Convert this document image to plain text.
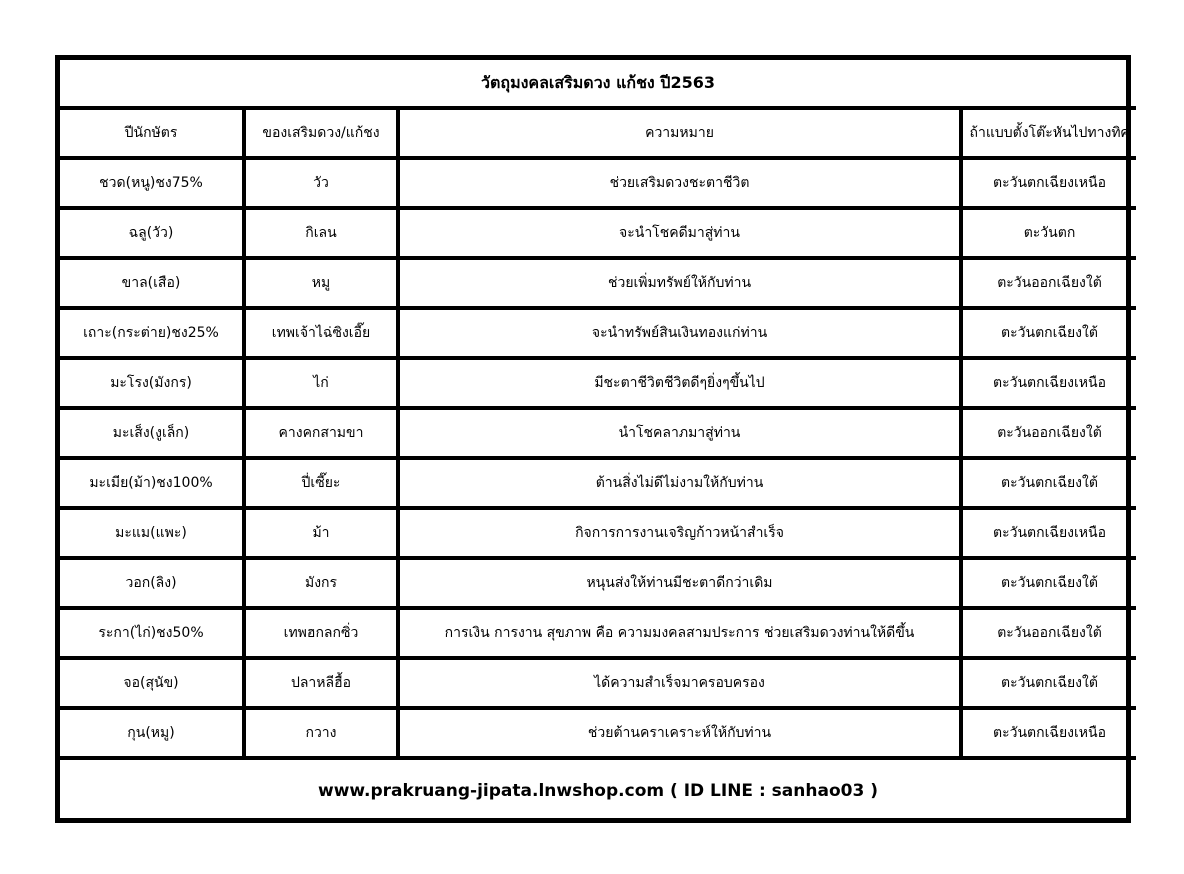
วัตถุมงคลเสริมดวง แก้ชง ปี2563			
ปีนักษัตร	ของเสริมดวง/แก้ชง	ความหมาย	ถ้าแบบตั้งโต๊ะหันไปทางทิศ
ชวด(หนู)ชง75%	วัว	ช่วยเสริมดวงชะตาชีวิต	ตะวันตกเฉียงเหนือ
ฉลู(วัว)	กิเลน	จะนำโชคดีมาสู่ท่าน	ตะวันตก
ขาล(เสือ)	หมู	ช่วยเพิ่มทรัพย์ให้กับท่าน	ตะวันออกเฉียงใต้
เถาะ(กระต่าย)ชง25%	เทพเจ้าไฉ่ซิงเอี๊ย	จะนำทรัพย์สินเงินทองแก่ท่าน	ตะวันตกเฉียงใต้
มะโรง(มังกร)	ไก่	มีชะตาชีวิตชีวิตดีๆยิ่งๆขึ้นไป	ตะวันตกเฉียงเหนือ
มะเส็ง(งูเล็ก)	คางคกสามขา	นำโชคลาภมาสู่ท่าน	ตะวันออกเฉียงใต้
มะเมีย(ม้า)ชง100%	ปี่เซี๊ยะ	ต้านสิ่งไม่ดีไม่งามให้กับท่าน	ตะวันตกเฉียงใต้
มะแม(แพะ)	ม้า	กิจการการงานเจริญก้าวหน้าสำเร็จ	ตะวันตกเฉียงเหนือ
วอก(ลิง)	มังกร	หนุนส่งให้ท่านมีชะตาดีกว่าเดิม	ตะวันตกเฉียงใต้
ระกา(ไก่)ชง50%	เทพฮกลกซิ่ว	การเงิน การงาน สุขภาพ คือ ความมงคลสามประการ ช่วยเสริมดวงท่านให้ดีขึ้น	ตะวันออกเฉียงใต้
จอ(สุนัข)	ปลาหลีฮื้อ	ได้ความสำเร็จมาครอบครอง	ตะวันตกเฉียงใต้
กุน(หมู)	กวาง	ช่วยต้านคราเคราะห์ให้กับท่าน	ตะวันตกเฉียงเหนือ
www.prakruang-jipata.lnwshop.com ( ID LINE : sanhao03 )			
